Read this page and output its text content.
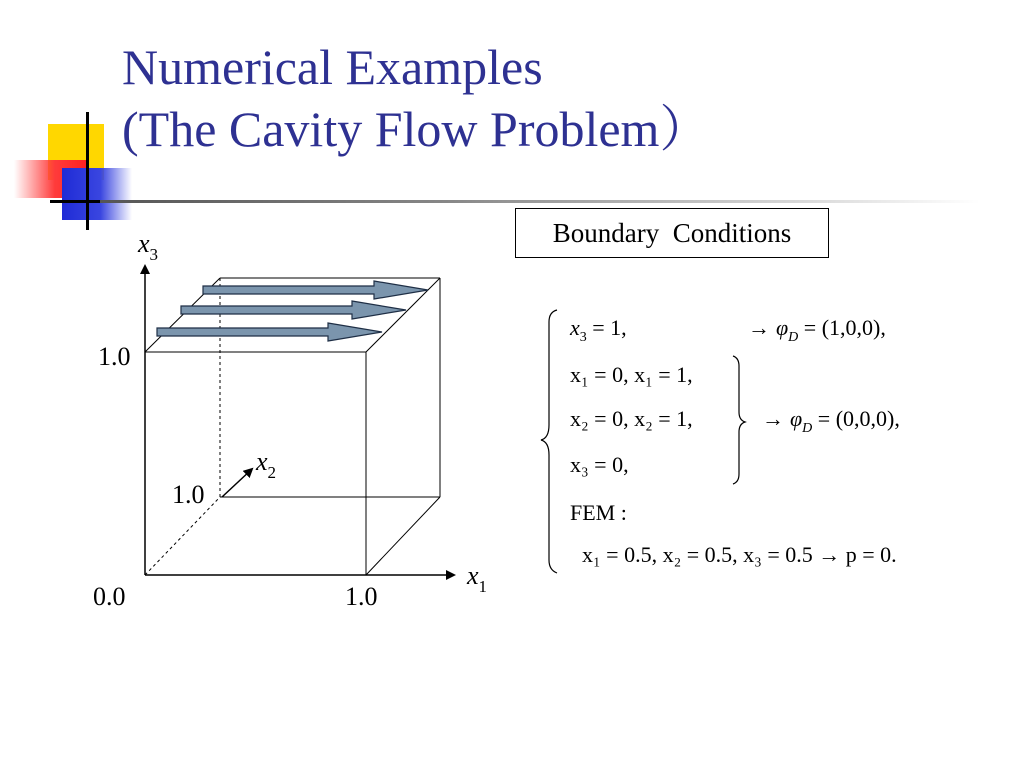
Numerical Examples
(The Cavity Flow Problem）
$x_3$
$x_2$
$x_1$
1.0
1.0
0.0	1.0
Boundary  Conditions
$x_3 = 1$,	→ $\varphi_D = (1,0,0)$,
x₁ = 0, x₁ = 1,
x₂ = 0, x₂ = 1,	→ $\varphi_D = (0,0,0)$,
x₃ = 0,
FEM :
x₁ = 0.5, x₂ = 0.5, x₃ = 0.5 → p = 0.
